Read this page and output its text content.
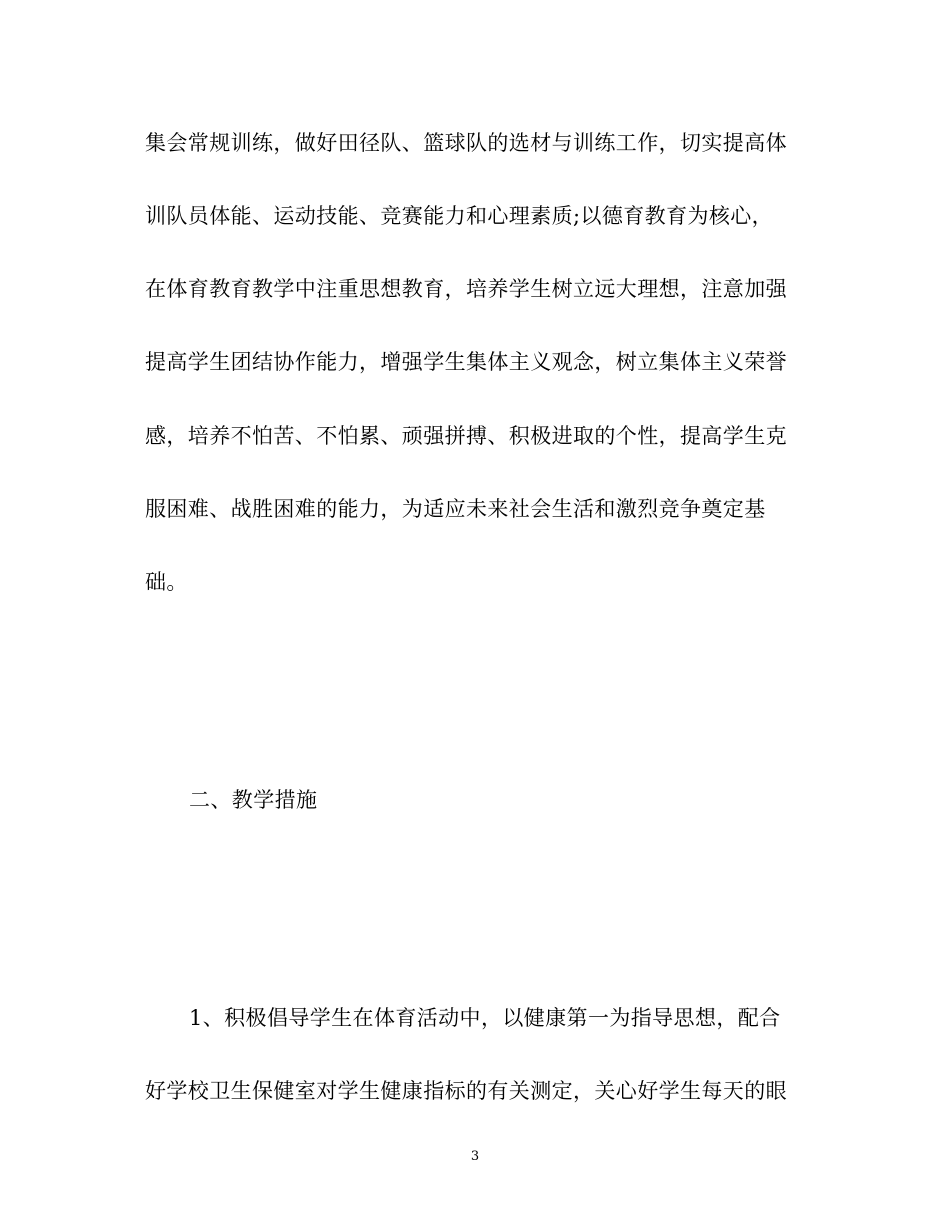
集会常规训练，做好田径队、篮球队的选材与训练工作，切实提高体
训队员体能、运动技能、竞赛能力和心理素质;以德育教育为核心，
在体育教育教学中注重思想教育，培养学生树立远大理想，注意加强
提高学生团结协作能力，增强学生集体主义观念，树立集体主义荣誉
感，培养不怕苦、不怕累、顽强拼搏、积极进取的个性，提高学生克
服困难、战胜困难的能力，为适应未来社会生活和激烈竞争奠定基
础。
二、教学措施
1、积极倡导学生在体育活动中，以健康第一为指导思想，配合
好学校卫生保健室对学生健康指标的有关测定，关心好学生每天的眼
3
